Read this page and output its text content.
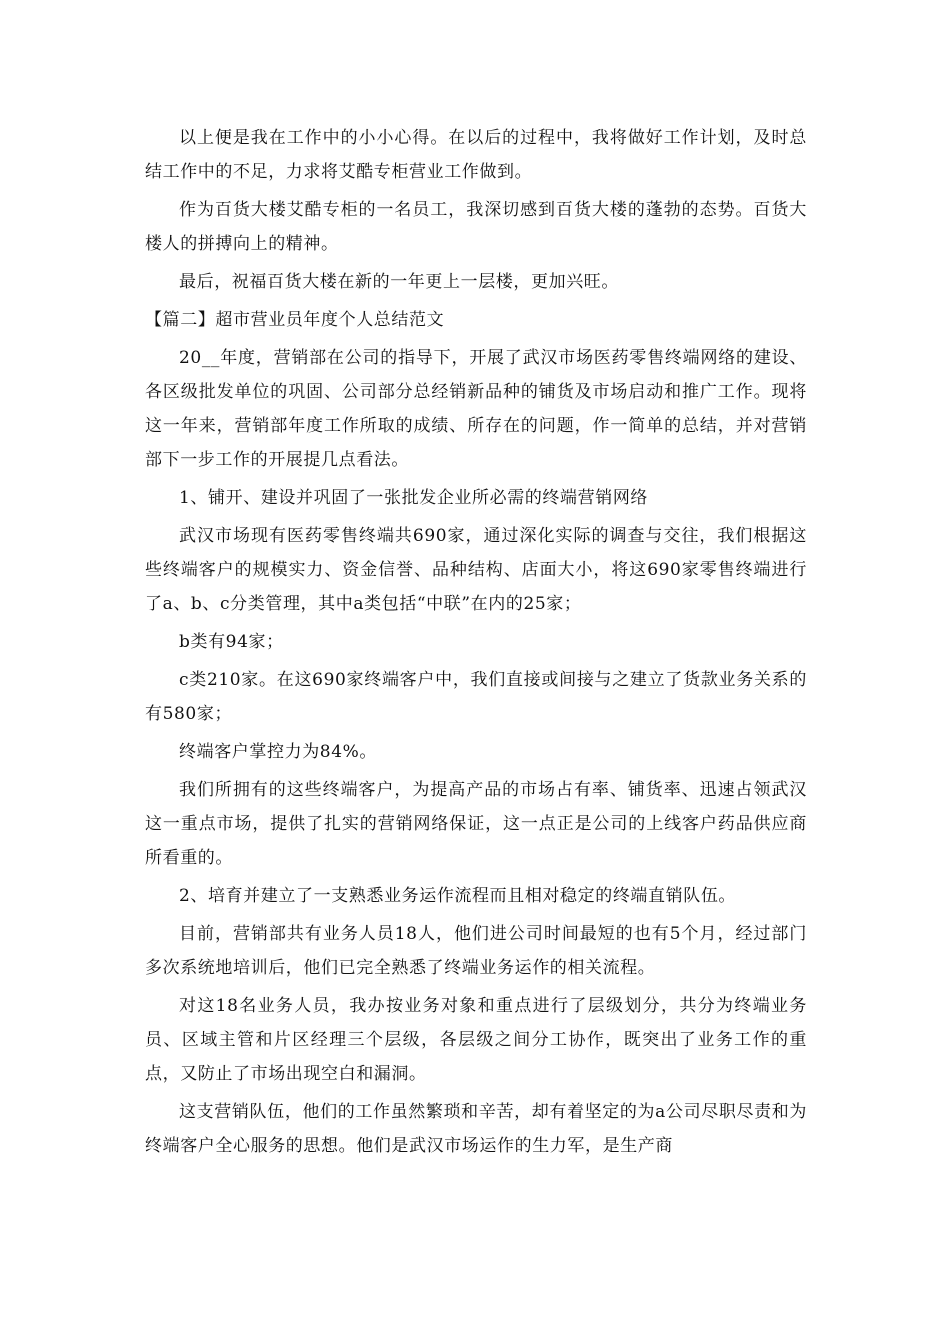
以上便是我在工作中的小小心得。在以后的过程中，我将做好工作计划，及时总结工作中的不足，力求将艾酷专柜营业工作做到。

作为百货大楼艾酷专柜的一名员工，我深切感到百货大楼的蓬勃的态势。百货大楼人的拼搏向上的精神。

最后，祝福百货大楼在新的一年更上一层楼，更加兴旺。

【篇二】超市营业员年度个人总结范文

20__年度，营销部在公司的指导下，开展了武汉市场医药零售终端网络的建设、各区级批发单位的巩固、公司部分总经销新品种的铺货及市场启动和推广工作。现将这一年来，营销部年度工作所取的成绩、所存在的问题，作一简单的总结，并对营销部下一步工作的开展提几点看法。

1、铺开、建设并巩固了一张批发企业所必需的终端营销网络

武汉市场现有医药零售终端共690家，通过深化实际的调查与交往，我们根据这些终端客户的规模实力、资金信誉、品种结构、店面大小，将这690家零售终端进行了a、b、c分类管理，其中a类包括“中联”在内的25家；

b类有94家；

c类210家。在这690家终端客户中，我们直接或间接与之建立了货款业务关系的有580家；

终端客户掌控力为84%。

我们所拥有的这些终端客户，为提高产品的市场占有率、铺货率、迅速占领武汉这一重点市场，提供了扎实的营销网络保证，这一点正是公司的上线客户药品供应商所看重的。

2、培育并建立了一支熟悉业务运作流程而且相对稳定的终端直销队伍。

目前，营销部共有业务人员18人，他们进公司时间最短的也有5个月，经过部门多次系统地培训后，他们已完全熟悉了终端业务运作的相关流程。

对这18名业务人员，我办按业务对象和重点进行了层级划分，共分为终端业务员、区域主管和片区经理三个层级，各层级之间分工协作，既突出了业务工作的重点，又防止了市场出现空白和漏洞。

这支营销队伍，他们的工作虽然繁琐和辛苦，却有着坚定的为a公司尽职尽责和为终端客户全心服务的思想。他们是武汉市场运作的生力军，是生产商
